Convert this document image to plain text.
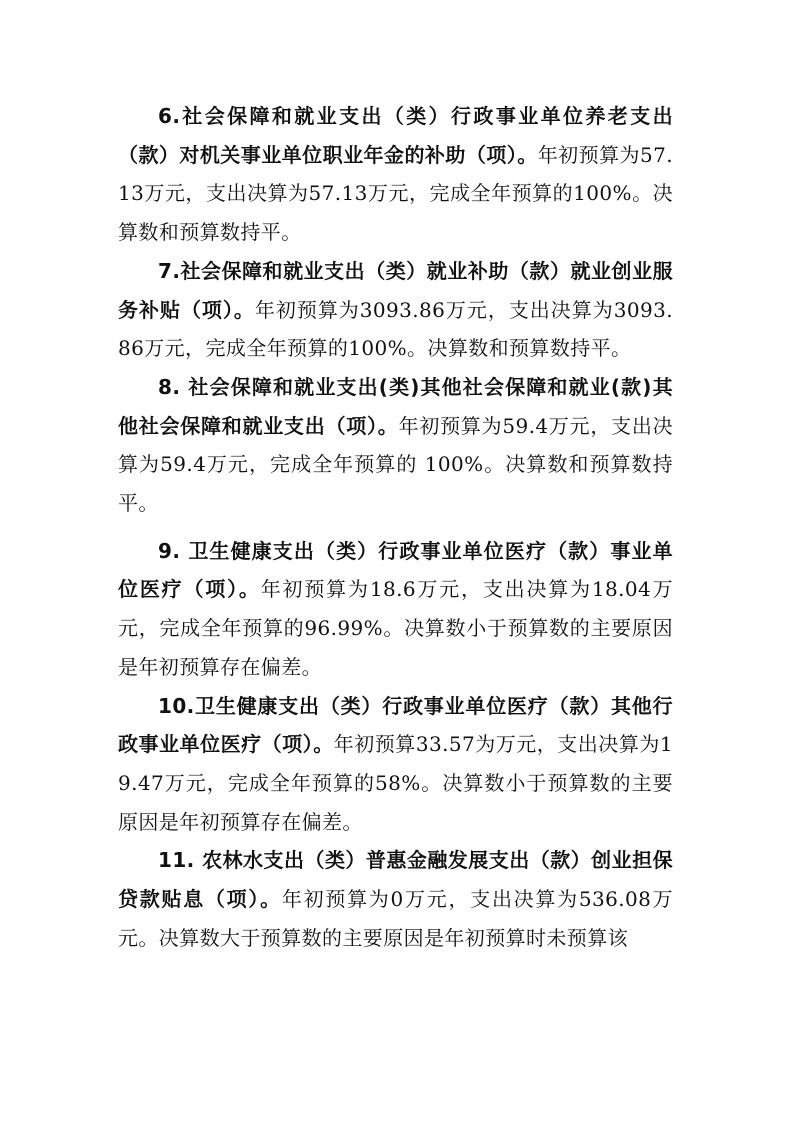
6.社会保障和就业支出（类）行政事业单位养老支出（款）对机关事业单位职业年金的补助（项）。年初预算为57.13万元，支出决算为57.13万元，完成全年预算的100%。决算数和预算数持平。

7.社会保障和就业支出（类）就业补助（款）就业创业服务补贴（项）。年初预算为3093.86万元，支出决算为3093.86万元，完成全年预算的100%。决算数和预算数持平。

8. 社会保障和就业支出(类)其他社会保障和就业(款)其他社会保障和就业支出（项）。年初预算为59.4万元，支出决算为59.4万元，完成全年预算的 100%。决算数和预算数持平。

9. 卫生健康支出（类）行政事业单位医疗（款）事业单位医疗（项）。年初预算为18.6万元，支出决算为18.04万元，完成全年预算的96.99%。决算数小于预算数的主要原因是年初预算存在偏差。

10.卫生健康支出（类）行政事业单位医疗（款）其他行政事业单位医疗（项）。年初预算33.57为万元，支出决算为19.47万元，完成全年预算的58%。决算数小于预算数的主要原因是年初预算存在偏差。

11. 农林水支出（类）普惠金融发展支出（款）创业担保贷款贴息（项）。年初预算为0万元，支出决算为536.08万元。决算数大于预算数的主要原因是年初预算时未预算该
